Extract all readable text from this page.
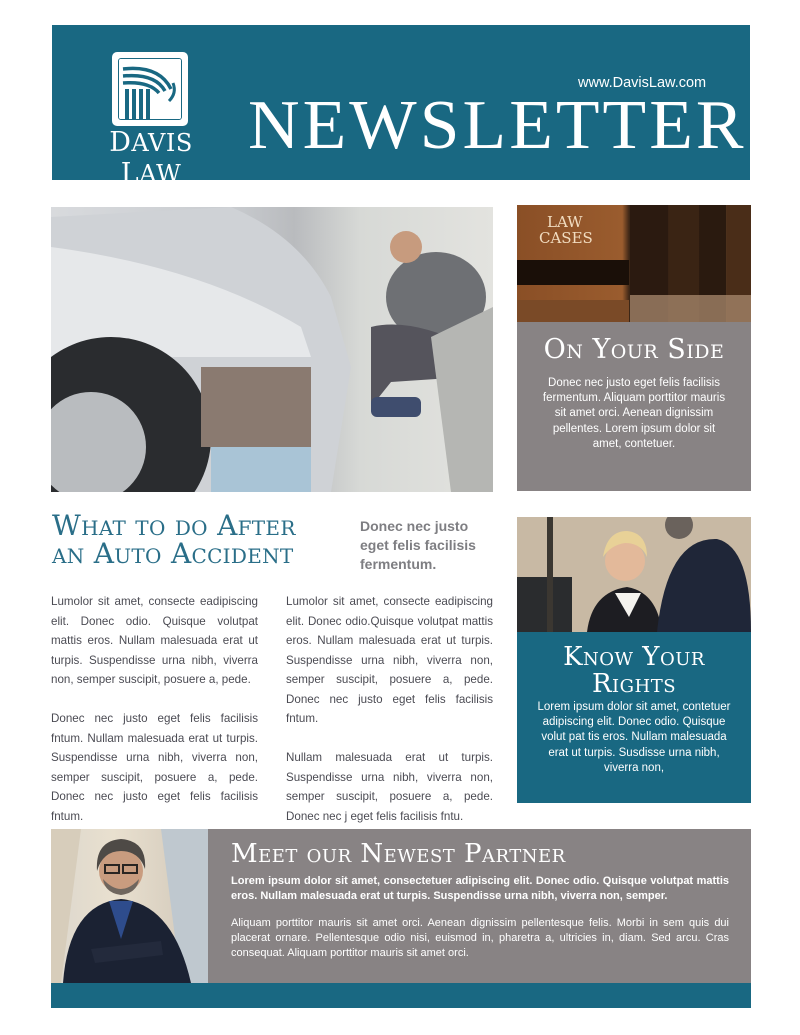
DAVIS LAW
www.DavisLaw.com
NEWSLETTER
LAW
CASES
On Your Side
Donec nec justo eget felis facilisis fermentum. Aliquam porttitor mauris sit amet orci. Aenean dignissim pellentes. Lorem ipsum dolor sit amet, contetuer.
What to do After
an Auto Accident
Donec nec justo eget felis facilisis fermentum.

Lumolor sit amet, consecte eadipiscing elit. Donec odio. Quisque volutpat mattis eros. Nullam malesuada erat ut turpis. Suspendisse urna nibh, viverra non, semper suscipit, posuere a, pede.

Donec nec justo eget felis facilisis fntum. Nullam malesuada erat ut turpis. Suspendisse urna nibh, viverra non, semper suscipit, posuere a, pede. Donec nec justo eget felis facilisis fntum.

Lumolor sit amet, consecte eadipiscing elit. Donec odio.Quisque volutpat mattis eros. Nullam malesuada erat ut turpis. Suspendisse urna nibh, viverra non, semper suscipit, posuere a, pede. Donec nec justo eget felis facilisis fntum.

Nullam malesuada erat ut turpis. Suspendisse urna nibh, viverra non, semper suscipit, posuere a, pede. Donec nec j eget felis facilisis fntu.

Know Your
Rights
Lorem ipsum dolor sit amet, contetuer adipiscing elit. Donec odio. Quisque volut pat tis eros. Nullam malesuada erat ut turpis. Susdisse urna nibh, viverra non,
Meet our Newest Partner
Lorem ipsum dolor sit amet, consectetuer adipiscing elit. Donec odio. Quisque volutpat mattis eros. Nullam malesuada erat ut turpis. Suspendisse urna nibh, viverra non, semper.
Aliquam porttitor mauris sit amet orci. Aenean dignissim pellentesque felis. Morbi in sem quis dui placerat ornare. Pellentesque odio nisi, euismod in, pharetra a, ultricies in, diam. Sed arcu. Cras consequat. Aliquam porttitor mauris sit amet orci.
